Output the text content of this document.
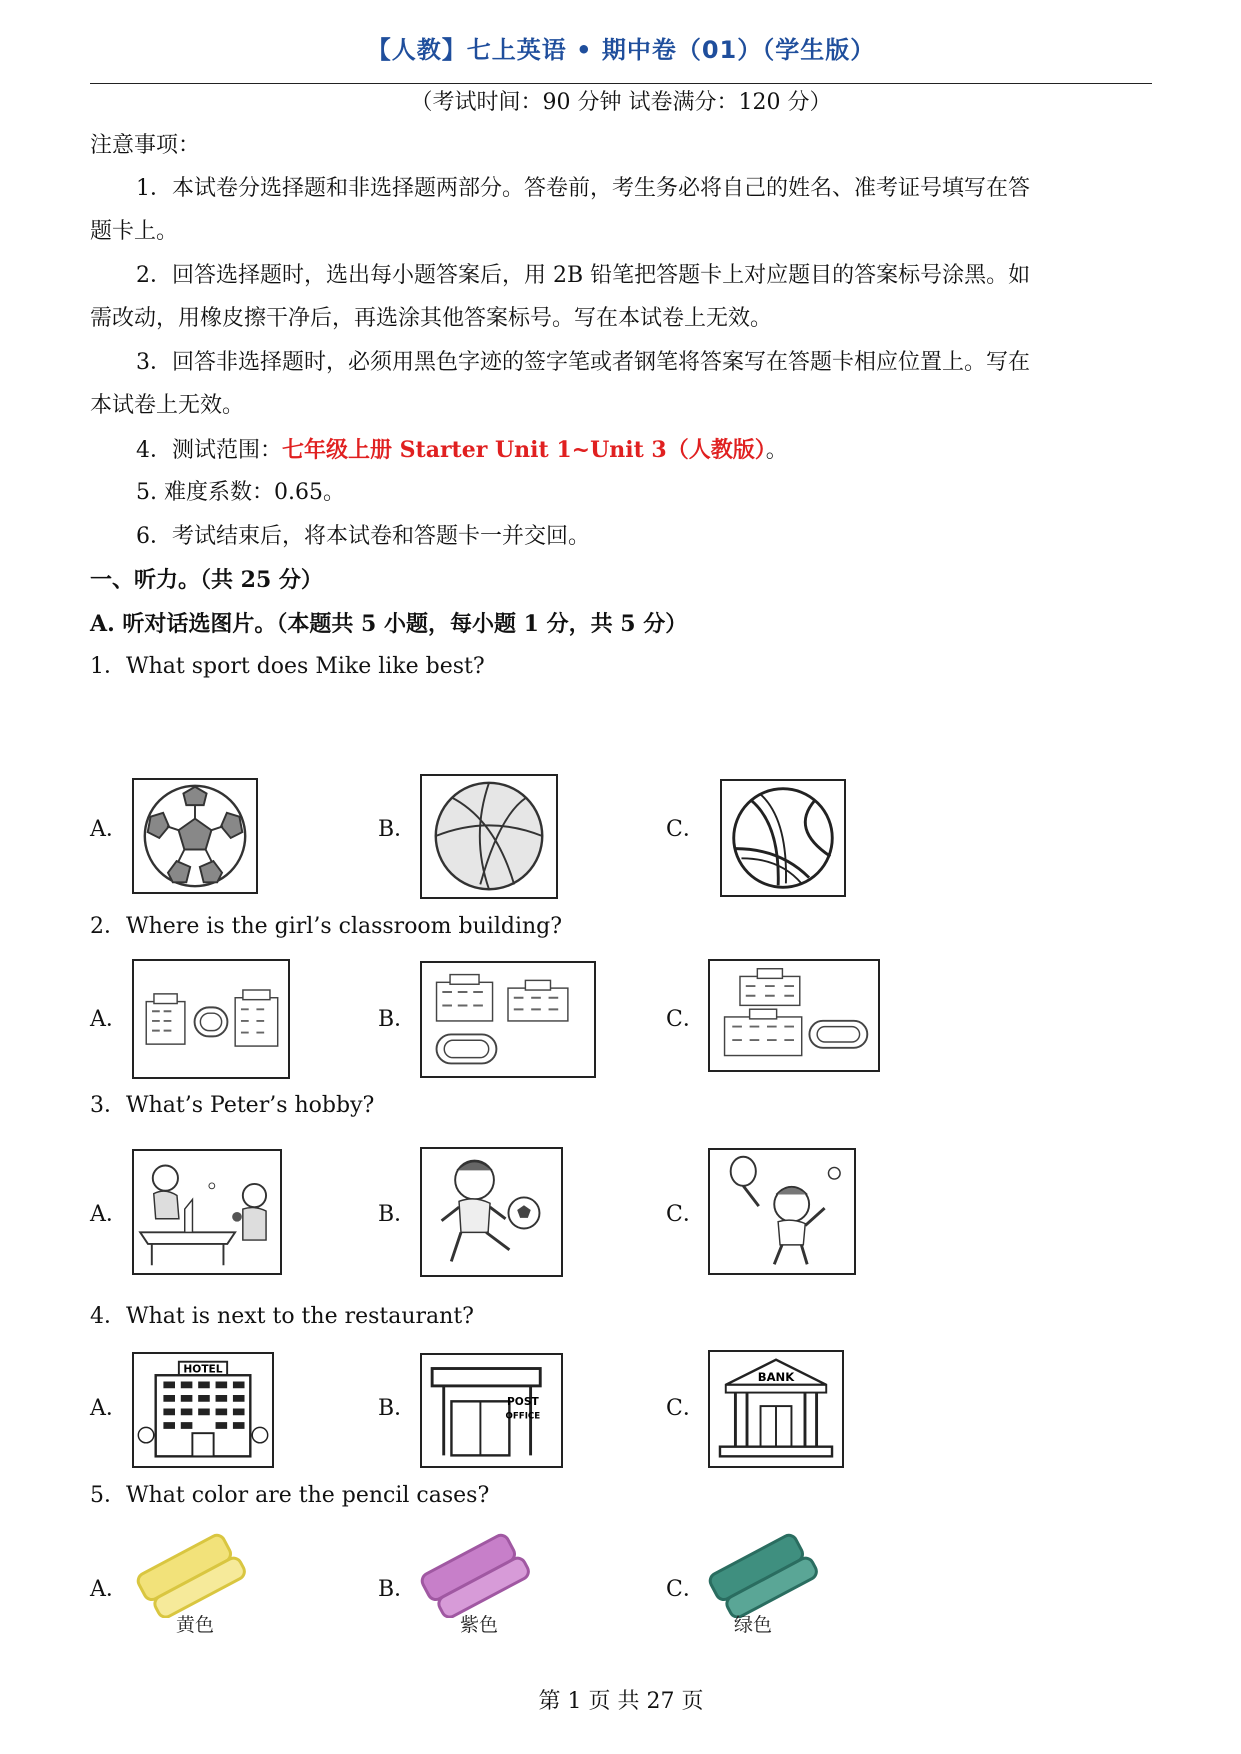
【人教】七上英语 • 期中卷（01）（学生版）
（考试时间：90 分钟 试卷满分：120 分）
注意事项：
1．本试卷分选择题和非选择题两部分。答卷前，考生务必将自己的姓名、准考证号填写在答
题卡上。
2．回答选择题时，选出每小题答案后，用 2B 铅笔把答题卡上对应题目的答案标号涂黑。如
需改动，用橡皮擦干净后，再选涂其他答案标号。写在本试卷上无效。
3．回答非选择题时，必须用黑色字迹的签字笔或者钢笔将答案写在答题卡相应位置上。写在
本试卷上无效。
4．测试范围：七年级上册 Starter Unit 1~Unit 3（人教版）。
5. 难度系数：0.65。
6．考试结束后，将本试卷和答题卡一并交回。
一、听力。（共 25 分）
A. 听对话选图片。（本题共 5 小题，每小题 1 分，共 5 分）
1．What sport does Mike like best?
A．	B．	C．
2．Where is the girl’s classroom building?
A．	B．	C．
3．What’s Peter’s hobby?
A．	B．	C．
4．What is next to the restaurant?
A．
HOTEL
B．	POST
OFFICE	C．
BANK
5．What color are the pencil cases?
A．
黄色
B．
紫色
C．
绿色
第 1 页 共 27 页
